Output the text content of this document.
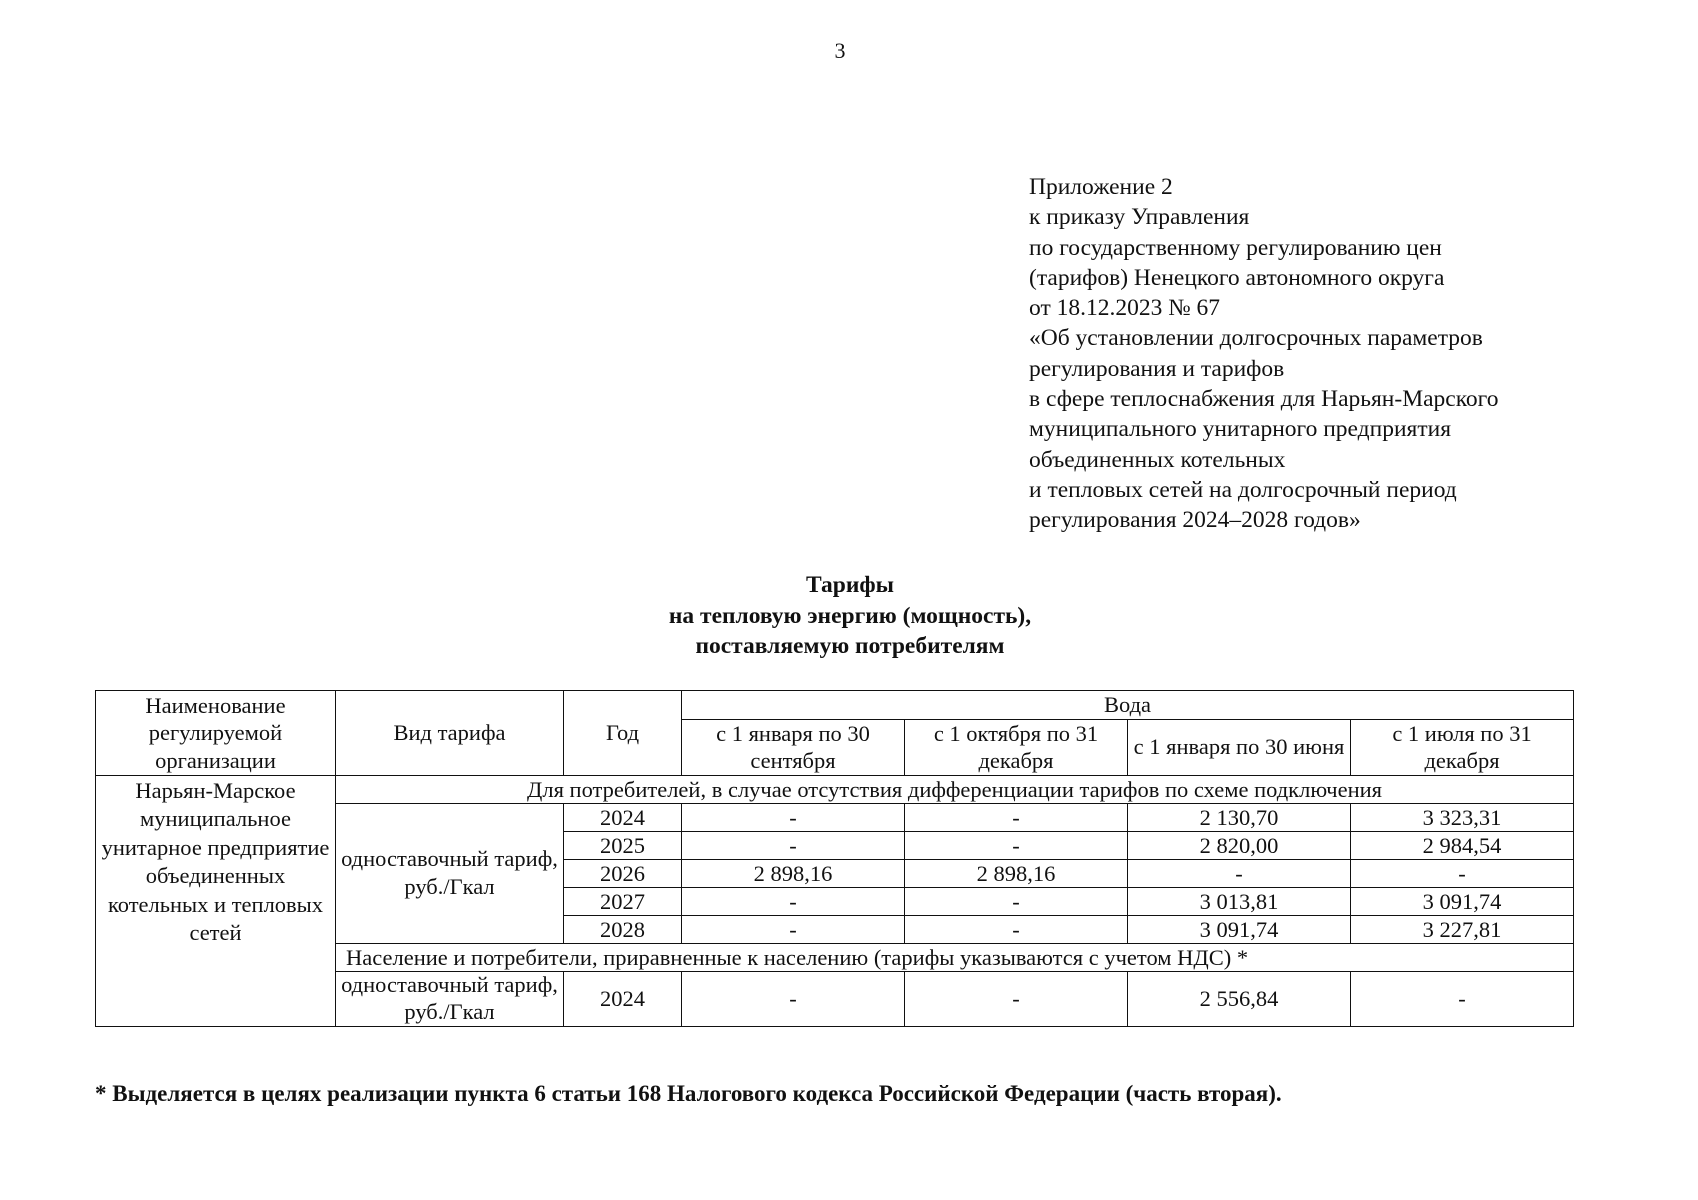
3
Приложение 2
к приказу Управления
по государственному регулированию цен
(тарифов) Ненецкого автономного округа
от 18.12.2023 № 67
«Об установлении долгосрочных параметров
регулирования и тарифов
в сфере теплоснабжения для Нарьян-Марского
муниципального унитарного предприятия
объединенных котельных
и тепловых сетей на долгосрочный период
регулирования 2024–2028 годов»
Тарифы
на тепловую энергию (мощность),
поставляемую потребителям
Наименование регулируемой организации	Вид тарифа	Год	Вода			
			с 1 января по 30 сентября	с 1 октября по 31 декабря	с 1 января по 30 июня	с 1 июля по 31 декабря
Нарьян-Марское муниципальное унитарное предприятие объединенных котельных и тепловых сетей	Для потребителей, в случае отсутствия дифференциации тарифов по схеме подключения					
	одноставочный тариф, руб./Гкал	2024	-	-	2 130,70	3 323,31
		2025	-	-	2 820,00	2 984,54
		2026	2 898,16	2 898,16	-	-
		2027	-	-	3 013,81	3 091,74
		2028	-	-	3 091,74	3 227,81
	Население и потребители, приравненные к населению (тарифы указываются с учетом НДС) *					
	одноставочный тариф, руб./Гкал	2024	-	-	2 556,84	-
* Выделяется в целях реализации пункта 6 статьи 168 Налогового кодекса Российской Федерации (часть вторая).
